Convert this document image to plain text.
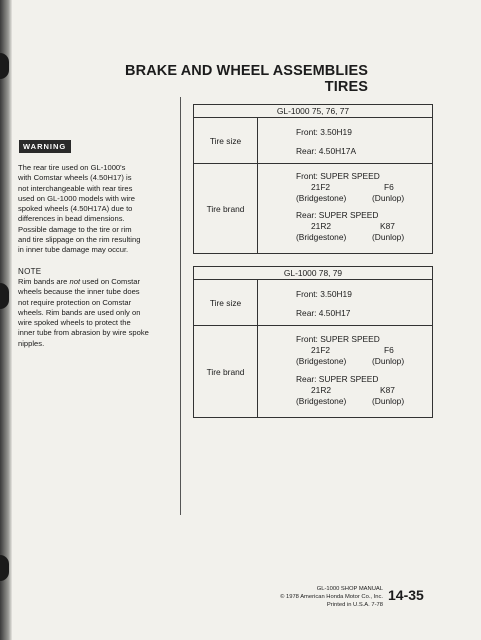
BRAKE AND WHEEL ASSEMBLIES
TIRES
WARNING
The rear tire used on GL-1000's
with Comstar wheels (4.50H17) is
not interchangeable with rear tires
used on GL-1000 models with wire
spoked wheels (4.50H17A) due to
differences in bead dimensions.
Possible damage to the tire or rim
and tire slippage on the rim resulting
in inner tube damage may occur.
NOTE
Rim bands are not used on Comstar
wheels because the inner tube does
not require protection on Comstar
wheels. Rim bands are used only on
wire spoked wheels to protect the
inner tube from abrasion by wire spoke
nipples.
GL-1000 75, 76, 77
Tire size
Front: 3.50H19
Rear: 4.50H17A
Tire brand
Front: SUPER SPEED
21F2	F6
(Bridgestone)	(Dunlop)
Rear: SUPER SPEED
21R2	K87
(Bridgestone)	(Dunlop)
GL-1000 78, 79
Tire size
Front: 3.50H19
Rear: 4.50H17
Tire brand
Front: SUPER SPEED
21F2	F6
(Bridgestone)	(Dunlop)
Rear: SUPER SPEED
21R2	K87
(Bridgestone)	(Dunlop)
GL-1000 SHOP MANUAL
© 1978 American Honda Motor Co., Inc.
Printed in U.S.A. 7-78
14-35
